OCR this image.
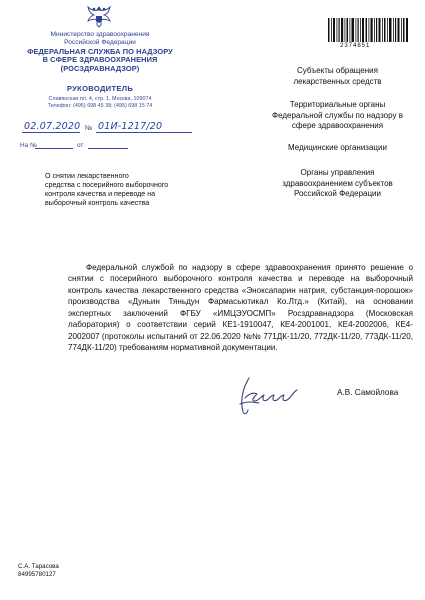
Министерство здравоохранения
Российской Федерации
ФЕДЕРАЛЬНАЯ СЛУЖБА ПО НАДЗОРУ
В СФЕРЕ ЗДРАВООХРАНЕНИЯ
(РОСЗДРАВНАДЗОР)
РУКОВОДИТЕЛЬ
Славянская пл. 4, стр. 1, Москва, 109074
Телефон: (495) 698 45 38; (495) 698 15 74
02.07.2020 № 01И-1217/20
На №	от
О снятии лекарственного
средства с посерийного выборочного
контроля качества и переводе на
выборочный контроль качества
2374851
Субъекты обращения
лекарственных средств
Территориальные органы
Федеральной службы по надзору в
сфере здравоохранения
Медицинские организации
Органы управления
здравоохранением субъектов
Российской Федерации
Федеральной службой по надзору в сфере здравоохранения принято решение о снятии с посерийного выборочного контроля качества и переводе на выборочный контроль качества лекарственного средства «Эноксапарин натрия, субстанция-порошок» производства «Дуньин Тяньдун Фармасьютикал Ко.Лтд.» (Китай), на основании экспертных заключений ФГБУ «ИМЦЭУОСМП» Росздравнадзора (Московская лаборатория) о соответствии серий КЕ1-1910047, КЕ4-2001001, КЕ4-2002006, КЕ4-2002007 (протоколы испытаний от 22.06.2020 №№ 771ДК-11/20, 772ДК-11/20, 773ДК-11/20, 774ДК-11/20) требованиям нормативной документации.
А.В. Самойлова
С.А. Тарасова
84995780127
